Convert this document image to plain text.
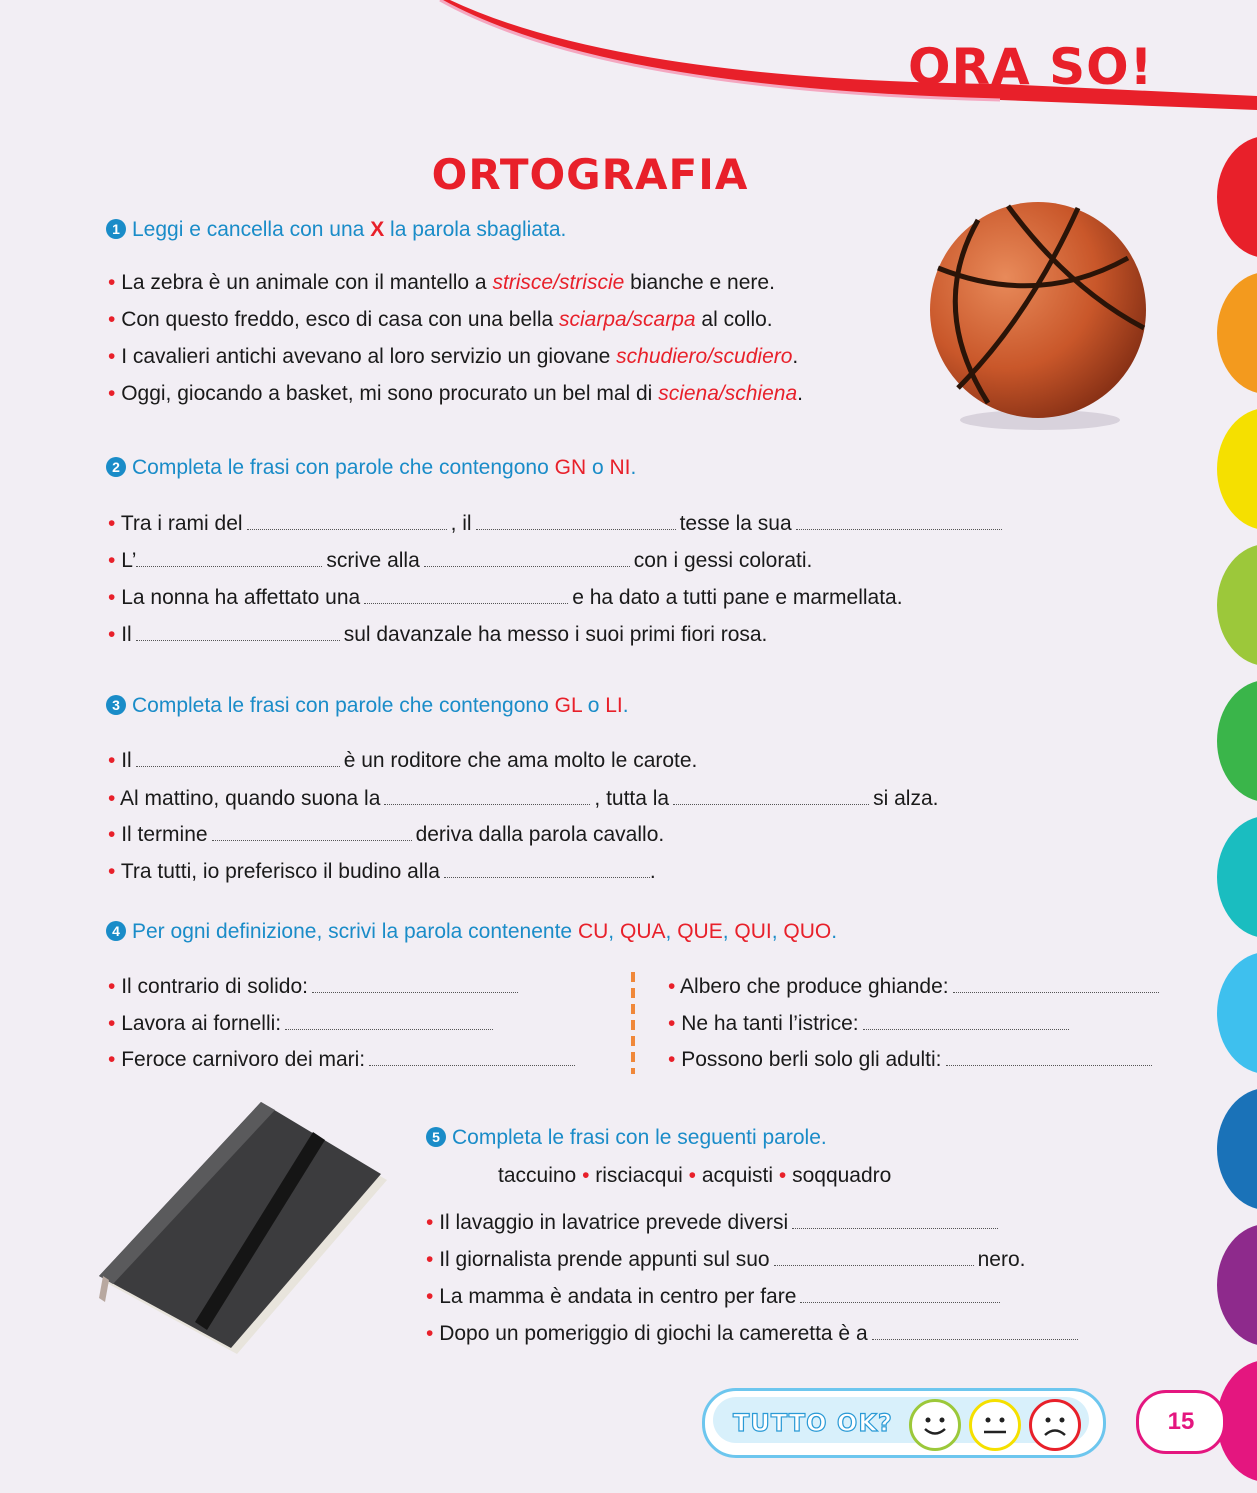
ORA SO!
ORTOGRAFIA
1 Leggi e cancella con una X la parola sbagliata.
• La zebra è un animale con il mantello a strisce/striscie bianche e nere.
• Con questo freddo, esco di casa con una bella sciarpa/scarpa al collo.
• I cavalieri antichi avevano al loro servizio un giovane schudiero/scudiero.
• Oggi, giocando a basket, mi sono procurato un bel mal di sciena/schiena.
2 Completa le frasi con parole che contengono GN o NI.
• Tra i rami del	, il	tesse la sua
• L’	scrive alla	con i gessi colorati.
• La nonna ha affettato una	e ha dato a tutti pane e marmellata.
• Il	sul davanzale ha messo i suoi primi fiori rosa.
3 Completa le frasi con parole che contengono GL o LI.
• Il	è un roditore che ama molto le carote.
• Al mattino, quando suona la	, tutta la	si alza.
• Il termine	deriva dalla parola cavallo.
• Tra tutti, io preferisco il budino alla	.
4 Per ogni definizione, scrivi la parola contenente CU, QUA, QUE, QUI, QUO.
• Il contrario di solido:
• Lavora ai fornelli:
• Feroce carnivoro dei mari:
• Albero che produce ghiande:
• Ne ha tanti l’istrice:
• Possono berli solo gli adulti:
5 Completa le frasi con le seguenti parole.
taccuino • risciacqui • acquisti • soqquadro
• Il lavaggio in lavatrice prevede diversi
• Il giornalista prende appunti sul suo	nero.
• La mamma è andata in centro per fare
• Dopo un pomeriggio di giochi la cameretta è a
TUTTO OK?	15
